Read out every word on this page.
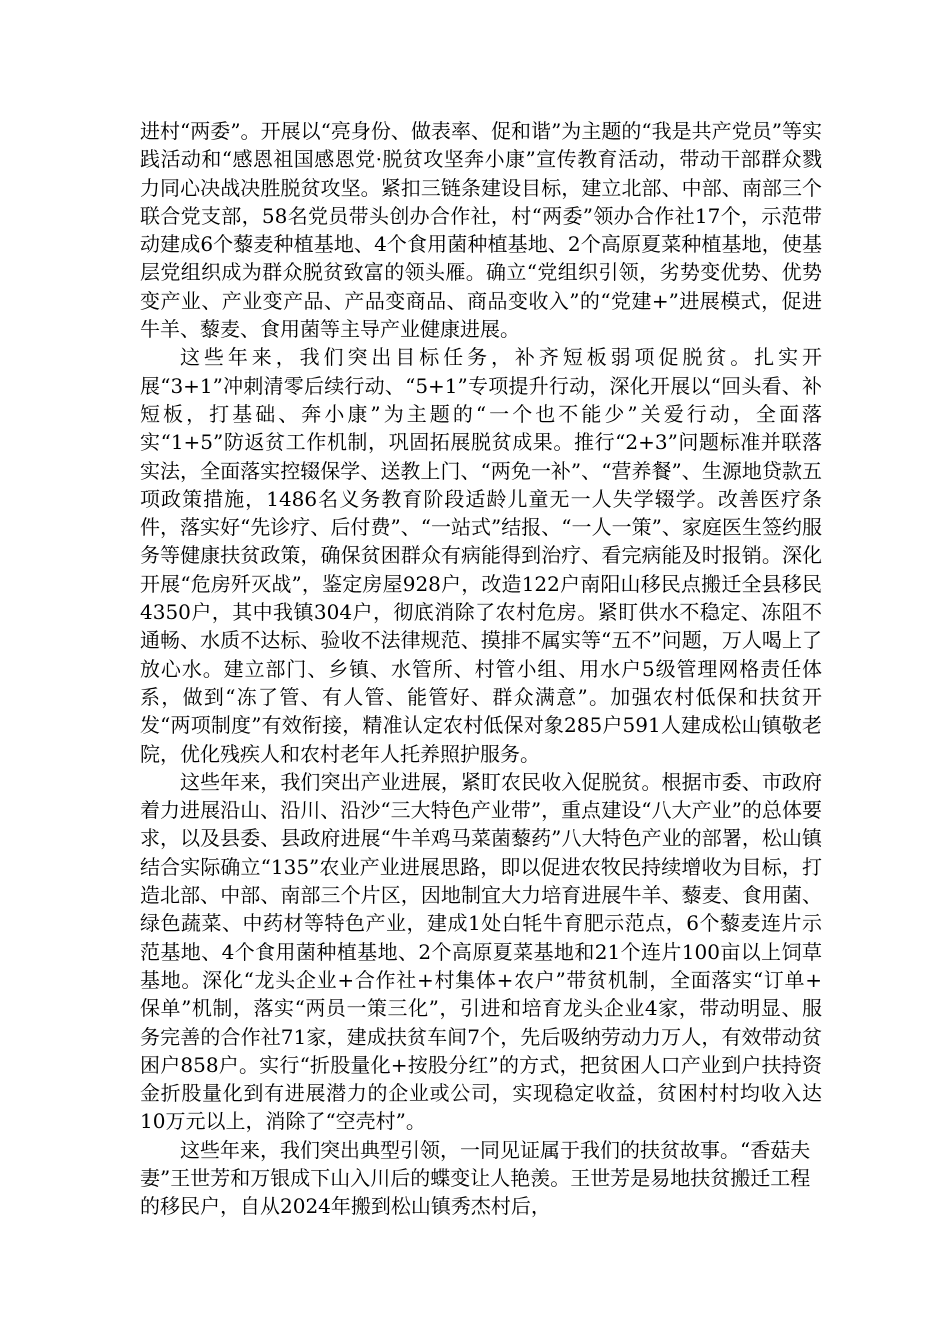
进村“两委”。开展以“亮身份、做表率、促和谐”为主题的“我是共产党员”等实践活动和“感恩祖国感恩党·脱贫攻坚奔小康”宣传教育活动，带动干部群众戮力同心决战决胜脱贫攻坚。紧扣三链条建设目标，建立北部、中部、南部三个联合党支部，58名党员带头创办合作社，村“两委”领办合作社17个，示范带动建成6个藜麦种植基地、4个食用菌种植基地、2个高原夏菜种植基地，使基层党组织成为群众脱贫致富的领头雁。确立“党组织引领，劣势变优势、优势变产业、产业变产品、产品变商品、商品变收入”的“党建+”进展模式，促进牛羊、藜麦、食用菌等主导产业健康进展。

这些年来，我们突出目标任务，补齐短板弱项促脱贫。扎实开展“3+1”冲刺清零后续行动、“5+1”专项提升行动，深化开展以“回头看、补短板，打基础、奔小康”为主题的“一个也不能少”关爱行动，全面落实“1+5”防返贫工作机制，巩固拓展脱贫成果。推行“2+3”问题标准并联落实法，全面落实控辍保学、送教上门、“两免一补”、“营养餐”、生源地贷款五项政策措施，1486名义务教育阶段适龄儿童无一人失学辍学。改善医疗条件，落实好“先诊疗、后付费”、“一站式”结报、“一人一策”、家庭医生签约服务等健康扶贫政策，确保贫困群众有病能得到治疗、看完病能及时报销。深化开展“危房歼灭战”，鉴定房屋928户，改造122户南阳山移民点搬迁全县移民4350户，其中我镇304户，彻底消除了农村危房。紧盯供水不稳定、冻阻不通畅、水质不达标、验收不法律规范、摸排不属实等“五不”问题，万人喝上了放心水。建立部门、乡镇、水管所、村管小组、用水户5级管理网格责任体系，做到“冻了管、有人管、能管好、群众满意”。加强农村低保和扶贫开发“两项制度”有效衔接，精准认定农村低保对象285户591人建成松山镇敬老院，优化残疾人和农村老年人托养照护服务。

这些年来，我们突出产业进展，紧盯农民收入促脱贫。根据市委、市政府着力进展沿山、沿川、沿沙“三大特色产业带”，重点建设“八大产业”的总体要求，以及县委、县政府进展“牛羊鸡马菜菌藜药”八大特色产业的部署，松山镇结合实际确立“135”农业产业进展思路，即以促进农牧民持续增收为目标，打造北部、中部、南部三个片区，因地制宜大力培育进展牛羊、藜麦、食用菌、绿色蔬菜、中药材等特色产业，建成1处白牦牛育肥示范点，6个藜麦连片示范基地、4个食用菌种植基地、2个高原夏菜基地和21个连片100亩以上饲草基地。深化“龙头企业+合作社+村集体+农户”带贫机制，全面落实“订单+ 保单”机制，落实“两员一策三化”，引进和培育龙头企业4家，带动明显、服务完善的合作社71家，建成扶贫车间7个，先后吸纳劳动力万人，有效带动贫困户858户。实行“折股量化+按股分红”的方式，把贫困人口产业到户扶持资金折股量化到有进展潜力的企业或公司，实现稳定收益，贫困村村均收入达10万元以上，消除了“空壳村”。

这些年来，我们突出典型引领，一同见证属于我们的扶贫故事。“香菇夫妻”王世芳和万银成下山入川后的蝶变让人艳羡。王世芳是易地扶贫搬迁工程的移民户，自从2024年搬到松山镇秀杰村后，
